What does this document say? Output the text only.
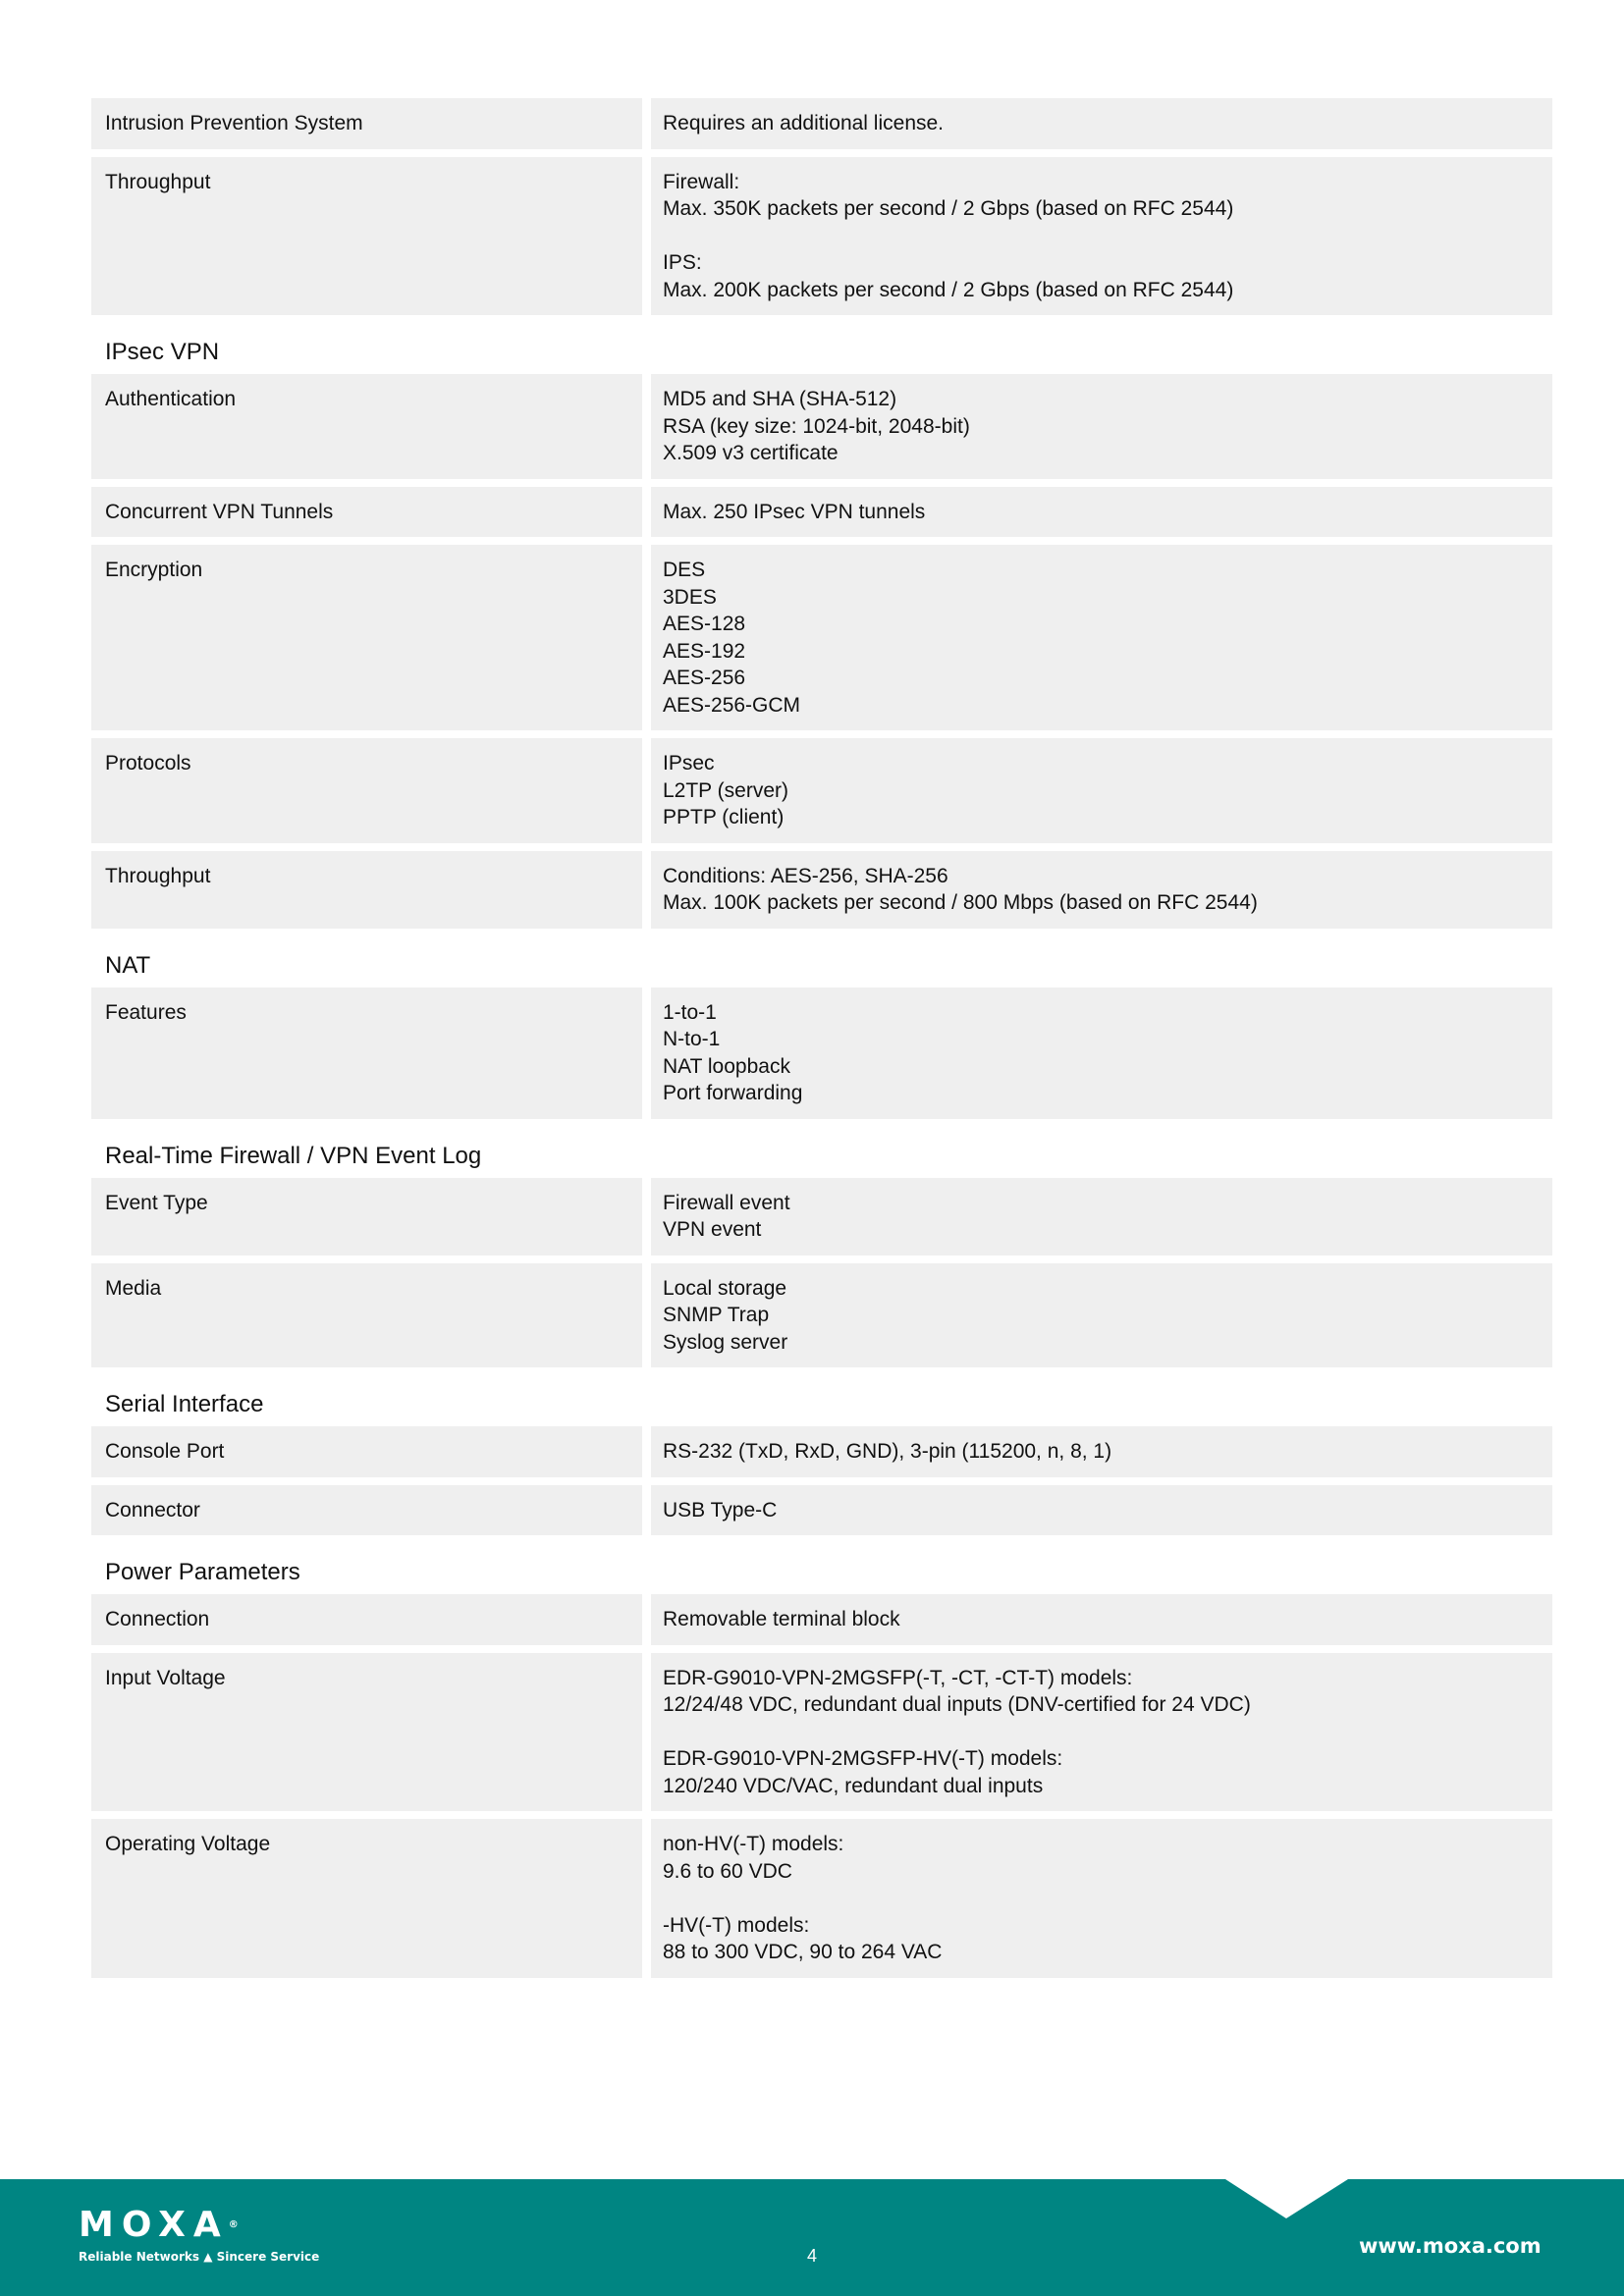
Intrusion Prevention System	Requires an additional license.
Throughput	Firewall:
Max. 350K packets per second / 2 Gbps (based on RFC 2544)
IPS:
Max. 200K packets per second / 2 Gbps (based on RFC 2544)
IPsec VPN
Authentication	MD5 and SHA (SHA-512)
RSA (key size: 1024-bit, 2048-bit)
X.509 v3 certificate
Concurrent VPN Tunnels	Max. 250 IPsec VPN tunnels
Encryption	DES
3DES
AES-128
AES-192
AES-256
AES-256-GCM
Protocols	IPsec
L2TP (server)
PPTP (client)
Throughput	Conditions: AES-256, SHA-256
Max. 100K packets per second / 800 Mbps (based on RFC 2544)
NAT
Features	1-to-1
N-to-1
NAT loopback
Port forwarding
Real-Time Firewall / VPN Event Log
Event Type	Firewall event
VPN event
Media	Local storage
SNMP Trap
Syslog server
Serial Interface
Console Port	RS-232 (TxD, RxD, GND), 3-pin (115200, n, 8, 1)
Connector	USB Type-C
Power Parameters
Connection	Removable terminal block
Input Voltage	EDR-G9010-VPN-2MGSFP(-T, -CT, -CT-T) models:
12/24/48 VDC, redundant dual inputs (DNV-certified for 24 VDC)
EDR-G9010-VPN-2MGSFP-HV(-T) models:
120/240 VDC/VAC, redundant dual inputs
Operating Voltage	non-HV(-T) models:
9.6 to 60 VDC
-HV(-T) models:
88 to 300 VDC, 90 to 264 VAC
MOXA®
Reliable Networks ▲ Sincere Service	4	www.moxa.com
